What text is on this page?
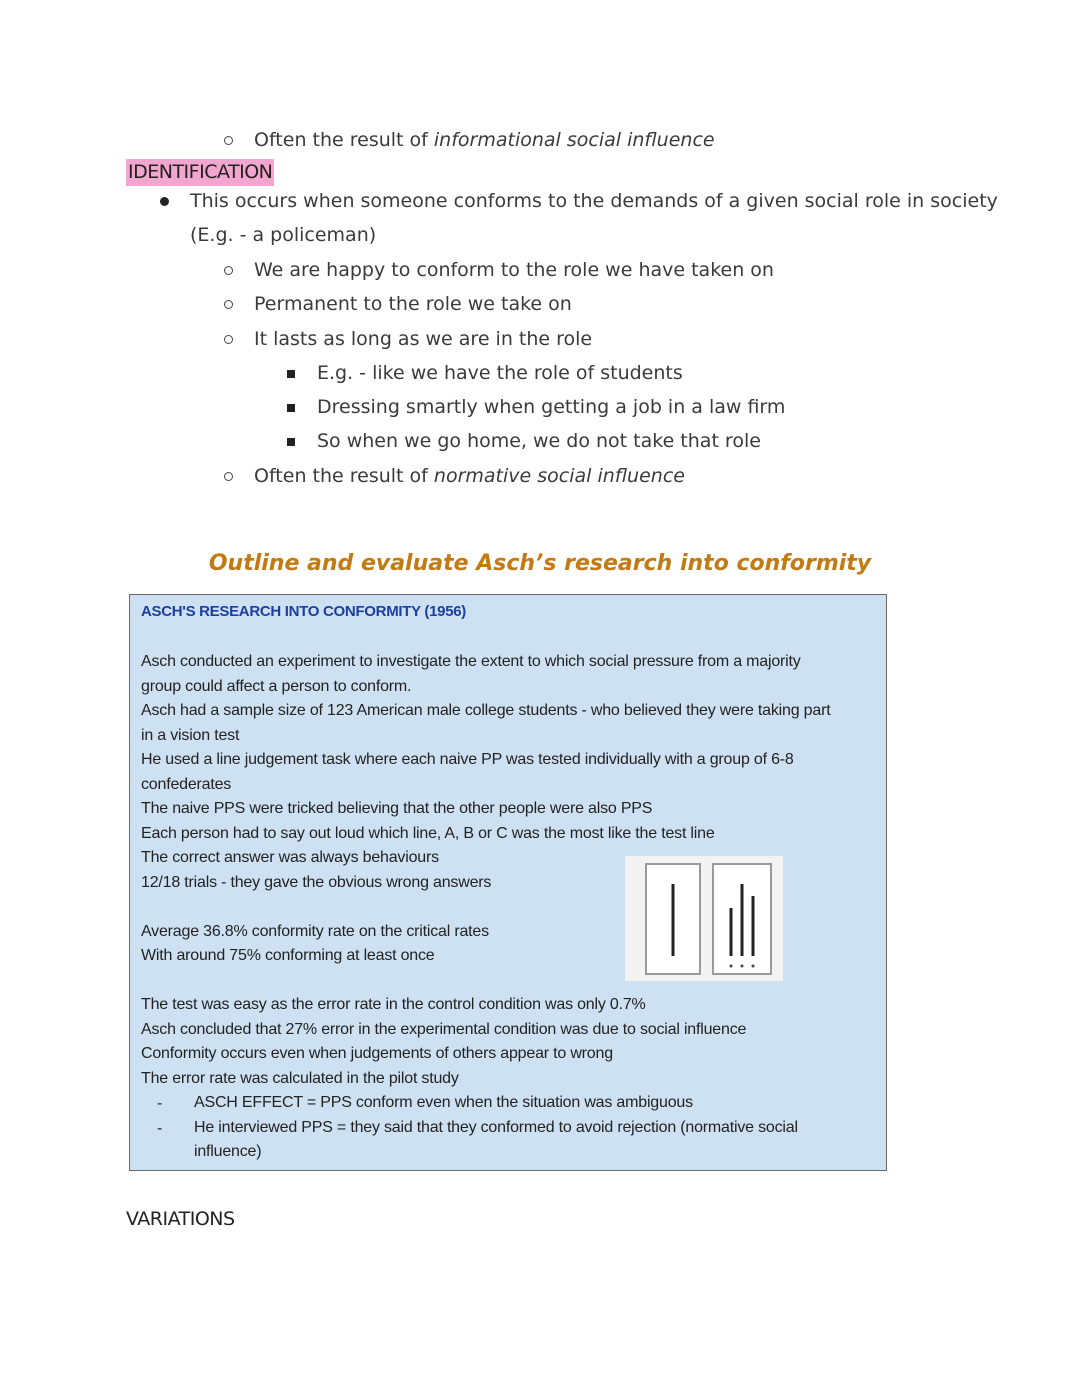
Often the result of informational social influence
IDENTIFICATION
This occurs when someone conforms to the demands of a given social role in society
(E.g. - a policeman)
We are happy to conform to the role we have taken on
Permanent to the role we take on
It lasts as long as we are in the role
E.g. - like we have the role of students
Dressing smartly when getting a job in a law firm
So when we go home, we do not take that role
Often the result of normative social influence
Outline and evaluate Asch’s research into conformity
ASCH'S RESEARCH INTO CONFORMITY (1956)
Asch conducted an experiment to investigate the extent to which social pressure from a majority
group could affect a person to conform.
Asch had a sample size of 123 American male college students - who believed they were taking part
in a vision test
He used a line judgement task where each naive PP was tested individually with a group of 6-8
confederates
The naive PPS were tricked believing that the other people were also PPS
Each person had to say out loud which line, A, B or C was the most like the test line
The correct answer was always behaviours
12/18 trials - they gave the obvious wrong answers
Average 36.8% conformity rate on the critical rates
With around 75% conforming at least once
The test was easy as the error rate in the control condition was only 0.7%
Asch concluded that 27% error in the experimental condition was due to social influence
Conformity occurs even when judgements of others appear to wrong
The error rate was calculated in the pilot study
- ASCH EFFECT = PPS conform even when the situation was ambiguous
- He interviewed PPS = they said that they conformed to avoid rejection (normative social
influence)
VARIATIONS
